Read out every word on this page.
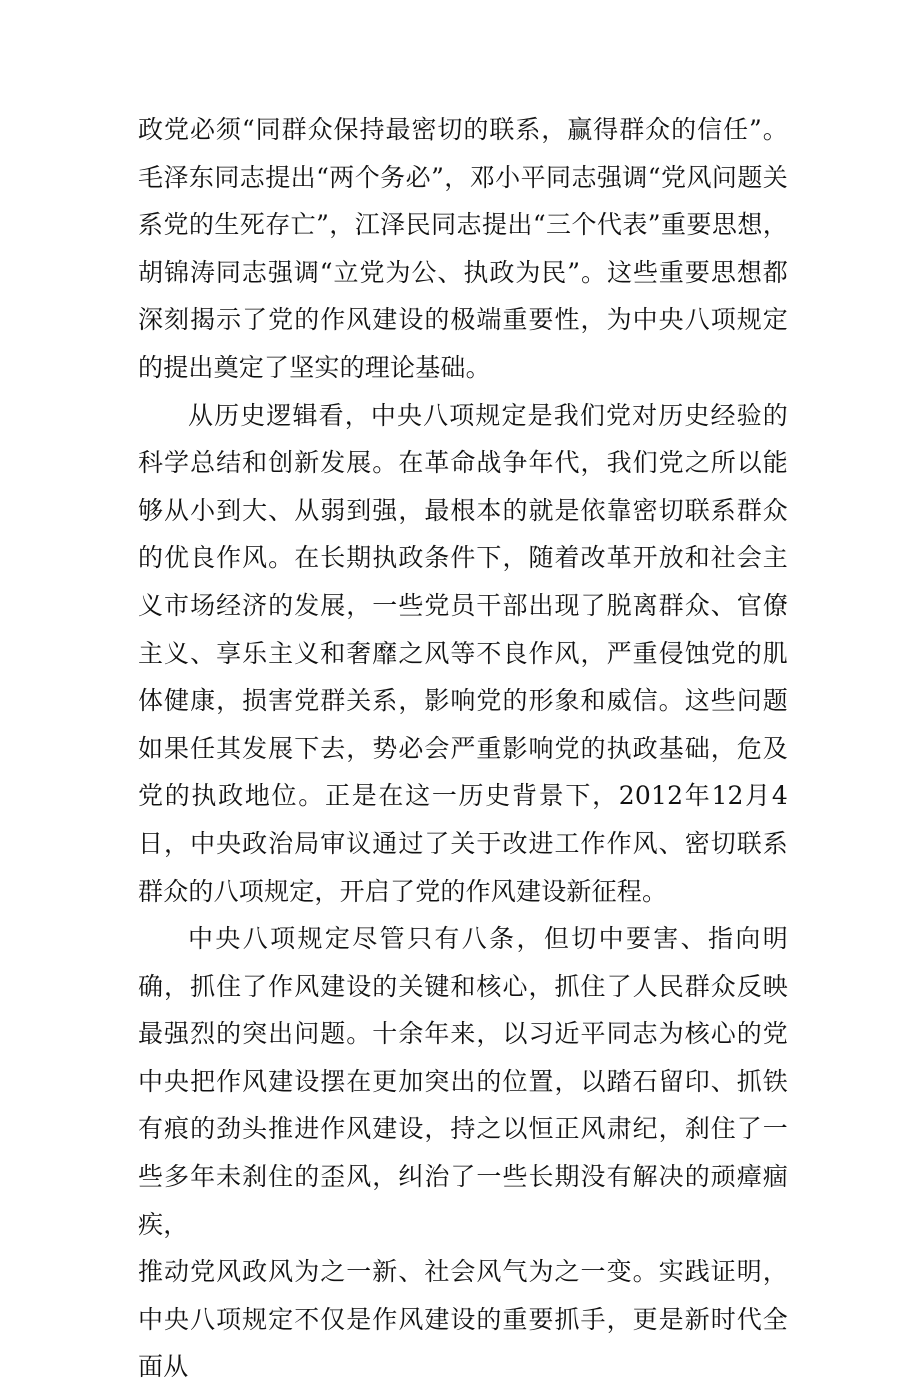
政党必须“同群众保持最密切的联系，赢得群众的信任”。毛泽东同志提出“两个务必”，邓小平同志强调“党风问题关系党的生死存亡”，江泽民同志提出“三个代表”重要思想，胡锦涛同志强调“立党为公、执政为民”。这些重要思想都深刻揭示了党的作风建设的极端重要性，为中央八项规定的提出奠定了坚实的理论基础。

从历史逻辑看，中央八项规定是我们党对历史经验的科学总结和创新发展。在革命战争年代，我们党之所以能够从小到大、从弱到强，最根本的就是依靠密切联系群众的优良作风。在长期执政条件下，随着改革开放和社会主义市场经济的发展，一些党员干部出现了脱离群众、官僚主义、享乐主义和奢靡之风等不良作风，严重侵蚀党的肌体健康，损害党群关系，影响党的形象和威信。这些问题如果任其发展下去，势必会严重影响党的执政基础，危及党的执政地位。正是在这一历史背景下，2012年12月4日，中央政治局审议通过了关于改进工作作风、密切联系群众的八项规定，开启了党的作风建设新征程。

中央八项规定尽管只有八条，但切中要害、指向明确，抓住了作风建设的关键和核心，抓住了人民群众反映最强烈的突出问题。十余年来，以习近平同志为核心的党中央把作风建设摆在更加突出的位置，以踏石留印、抓铁有痕的劲头推进作风建设，持之以恒正风肃纪，刹住了一些多年未刹住的歪风，纠治了一些长期没有解决的顽瘴痼疾，

推动党风政风为之一新、社会风气为之一变。实践证明，中央八项规定不仅是作风建设的重要抓手，更是新时代全面从
